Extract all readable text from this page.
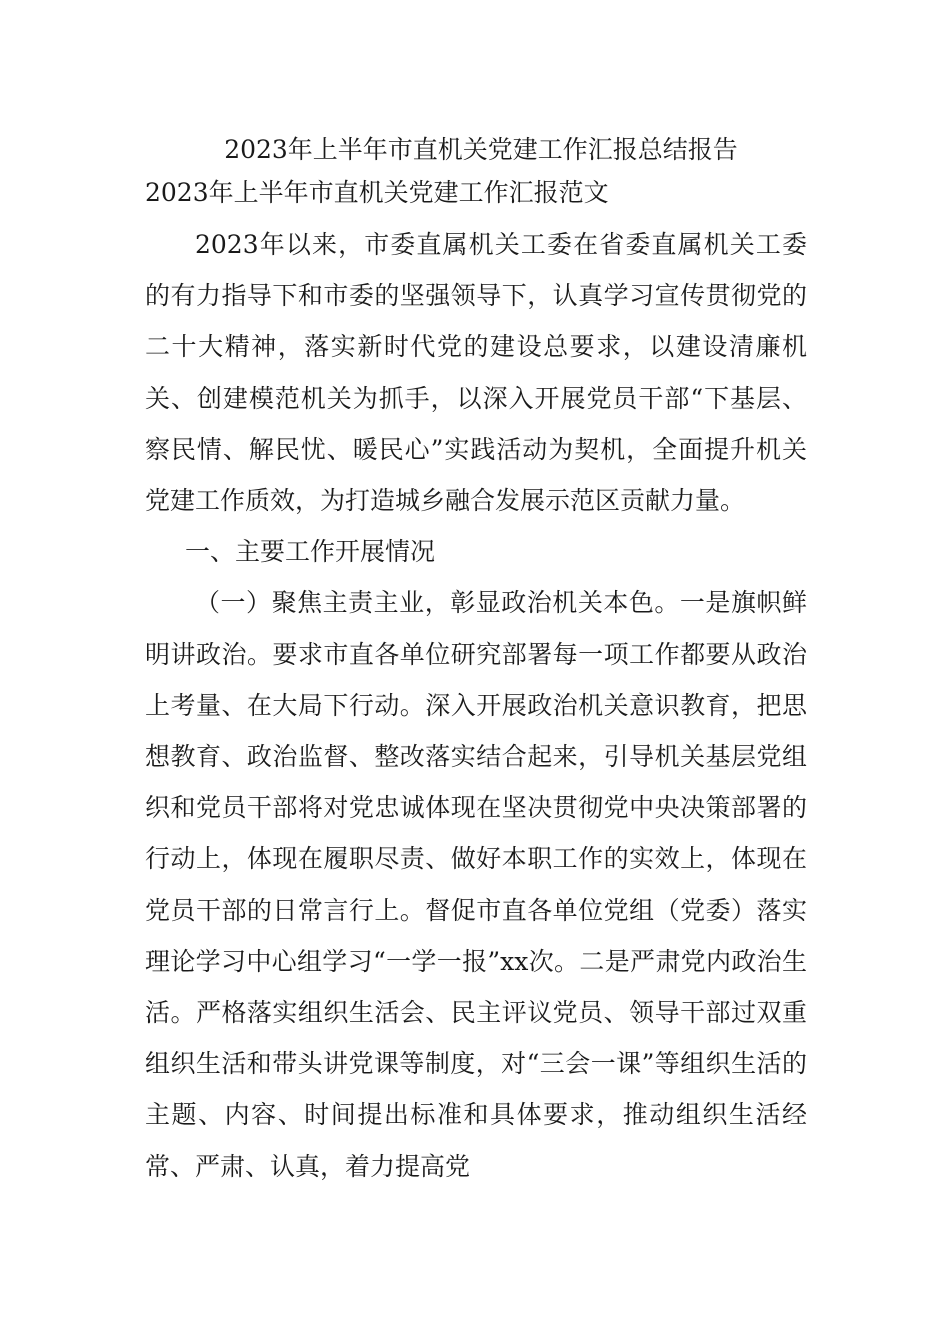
2023年上半年市直机关党建工作汇报总结报告
2023年上半年市直机关党建工作汇报范文

2023年以来，市委直属机关工委在省委直属机关工委的有力指导下和市委的坚强领导下，认真学习宣传贯彻党的二十大精神，落实新时代党的建设总要求，以建设清廉机关、创建模范机关为抓手，以深入开展党员干部“下基层、察民情、解民忧、暖民心”实践活动为契机，全面提升机关党建工作质效，为打造城乡融合发展示范区贡献力量。

一、主要工作开展情况

（一）聚焦主责主业，彰显政治机关本色。一是旗帜鲜明讲政治。要求市直各单位研究部署每一项工作都要从政治上考量、在大局下行动。深入开展政治机关意识教育，把思想教育、政治监督、整改落实结合起来，引导机关基层党组织和党员干部将对党忠诚体现在坚决贯彻党中央决策部署的行动上，体现在履职尽责、做好本职工作的实效上，体现在党员干部的日常言行上。督促市直各单位党组（党委）落实理论学习中心组学习“一学一报”xx次。二是严肃党内政治生活。严格落实组织生活会、民主评议党员、领导干部过双重组织生活和带头讲党课等制度，对“三会一课”等组织生活的主题、内容、时间提出标准和具体要求，推动组织生活经常、严肃、认真，着力提高党
